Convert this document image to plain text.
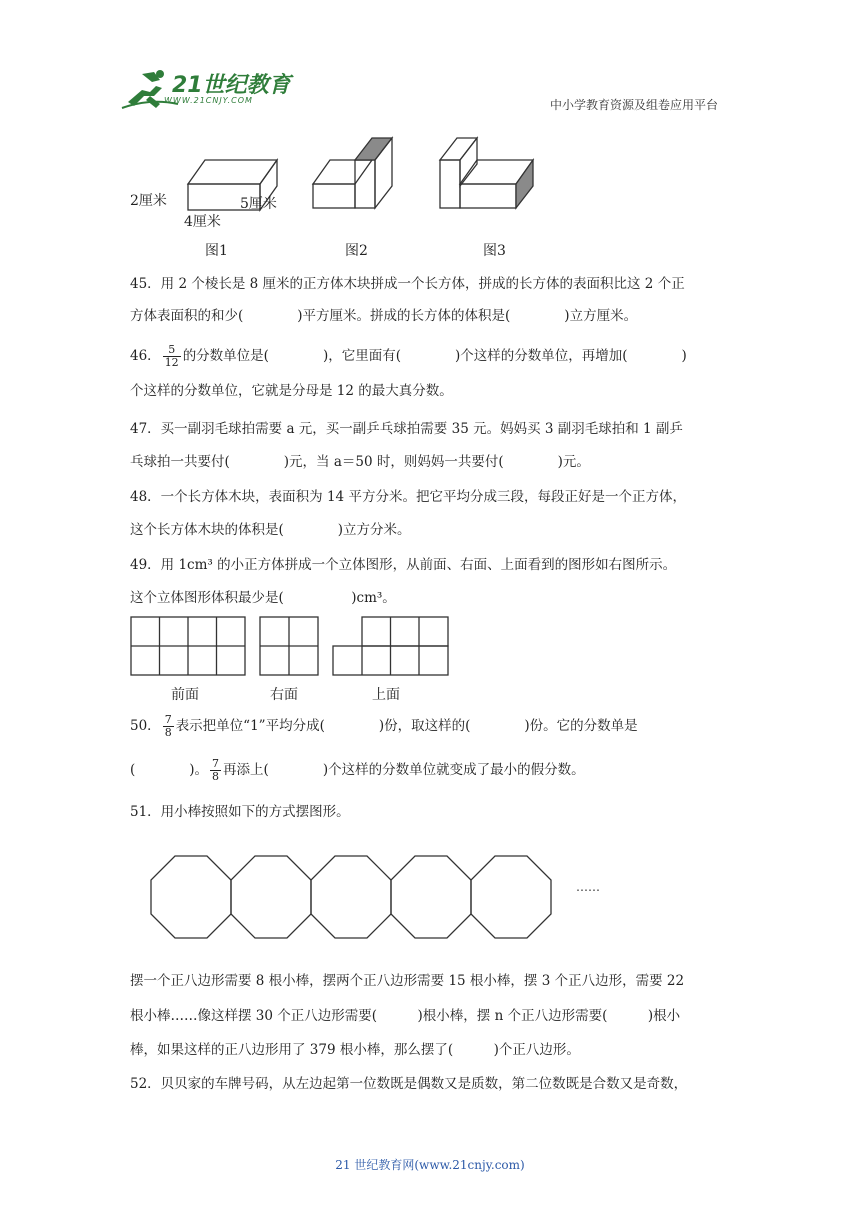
21世纪教育
WWW.21CNJY.COM	中小学教育资源及组卷应用平台
2厘米	5厘米
4厘米
图1	图2	图3
45．用 2 个棱长是 8 厘米的正方体木块拼成一个长方体，拼成的长方体的表面积比这 2 个正
方体表面积的和少(　　　　)平方厘米。拼成的长方体的体积是(　　　　)立方厘米。
46． $\frac{5}{12}$ 的分数单位是(　　　　)，它里面有(　　　　)个这样的分数单位，再增加(　　　　)
个这样的分数单位，它就是分母是 12 的最大真分数。
47．买一副羽毛球拍需要 a 元，买一副乒乓球拍需要 35 元。妈妈买 3 副羽毛球拍和 1 副乒
乓球拍一共要付(　　　　)元，当 a＝50 时，则妈妈一共要付(　　　　)元。
48．一个长方体木块，表面积为 14 平方分米。把它平均分成三段，每段正好是一个正方体，
这个长方体木块的体积是(　　　　)立方分米。
49．用 1cm³ 的小正方体拼成一个立体图形，从前面、右面、上面看到的图形如右图所示。
这个立体图形体积最少是(　　　　　)cm³。
前面	右面	上面
50． $\frac{7}{8}$ 表示把单位“1”平均分成(　　　　)份，取这样的(　　　　)份。它的分数单是
(　　　　)。 $\frac{7}{8}$ 再添上(　　　　)个这样的分数单位就变成了最小的假分数。
51．用小棒按照如下的方式摆图形。
……
摆一个正八边形需要 8 根小棒，摆两个正八边形需要 15 根小棒，摆 3 个正八边形，需要 22
根小棒……像这样摆 30 个正八边形需要(　　　)根小棒，摆 n 个正八边形需要(　　　)根小
棒，如果这样的正八边形用了 379 根小棒，那么摆了(　　　)个正八边形。
52．贝贝家的车牌号码，从左边起第一位数既是偶数又是质数，第二位数既是合数又是奇数，
21 世纪教育网(www.21cnjy.com)
